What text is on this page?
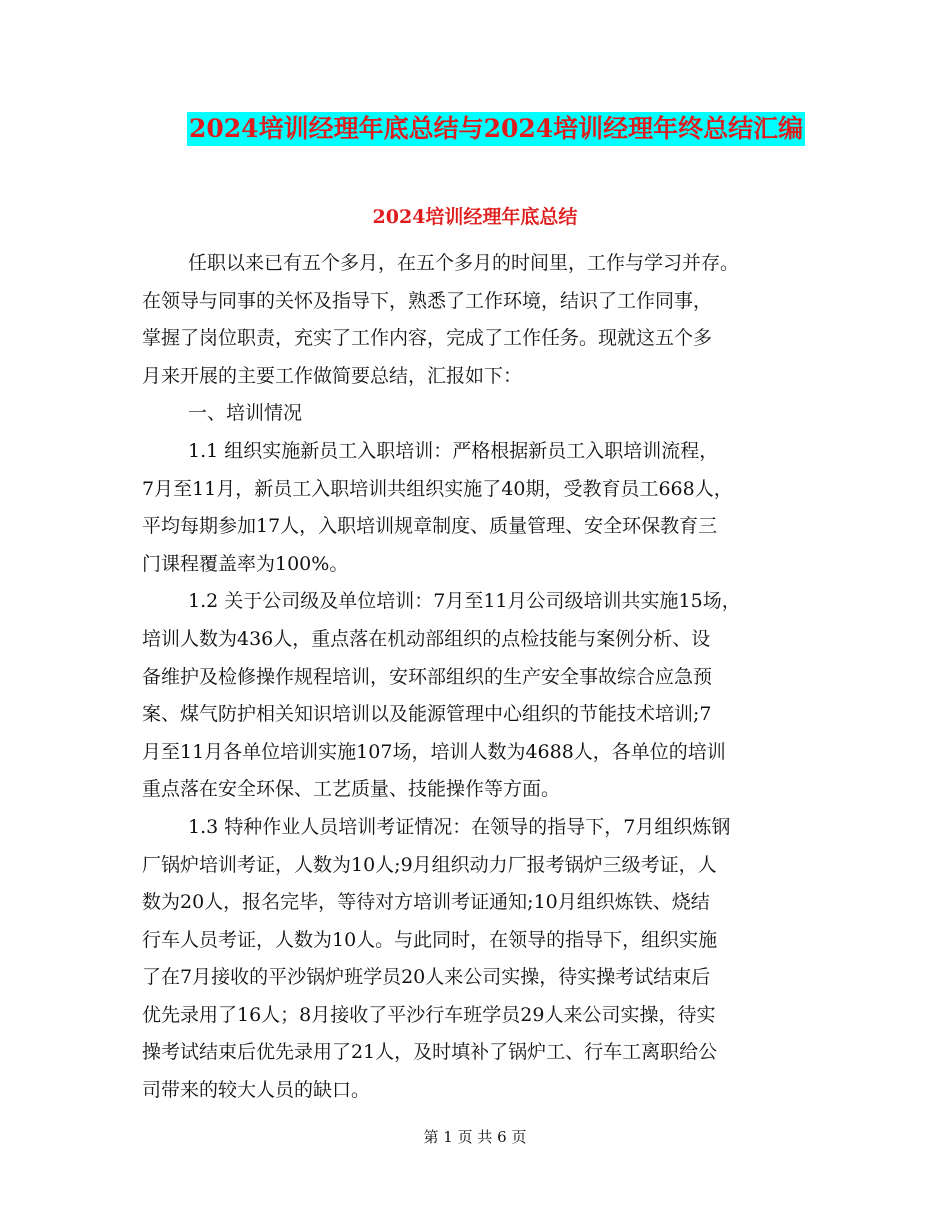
2024培训经理年底总结与2024培训经理年终总结汇编
2024培训经理年底总结
任职以来已有五个多月，在五个多月的时间里，工作与学习并存。
在领导与同事的关怀及指导下，熟悉了工作环境，结识了工作同事，
掌握了岗位职责，充实了工作内容，完成了工作任务。现就这五个多
月来开展的主要工作做简要总结，汇报如下：
一、培训情况
1.1 组织实施新员工入职培训：严格根据新员工入职培训流程，
7月至11月，新员工入职培训共组织实施了40期，受教育员工668人，
平均每期参加17人，入职培训规章制度、质量管理、安全环保教育三
门课程覆盖率为100%。
1.2 关于公司级及单位培训：7月至11月公司级培训共实施15场，
培训人数为436人，重点落在机动部组织的点检技能与案例分析、设
备维护及检修操作规程培训，安环部组织的生产安全事故综合应急预
案、煤气防护相关知识培训以及能源管理中心组织的节能技术培训;7
月至11月各单位培训实施107场，培训人数为4688人，各单位的培训
重点落在安全环保、工艺质量、技能操作等方面。
1.3 特种作业人员培训考证情况：在领导的指导下，7月组织炼钢
厂锅炉培训考证，人数为10人;9月组织动力厂报考锅炉三级考证，人
数为20人，报名完毕，等待对方培训考证通知;10月组织炼铁、烧结
行车人员考证，人数为10人。与此同时，在领导的指导下，组织实施
了在7月接收的平沙锅炉班学员20人来公司实操，待实操考试结束后
优先录用了16人；8月接收了平沙行车班学员29人来公司实操，待实
操考试结束后优先录用了21人，及时填补了锅炉工、行车工离职给公
司带来的较大人员的缺口。
第 1 页 共 6 页
